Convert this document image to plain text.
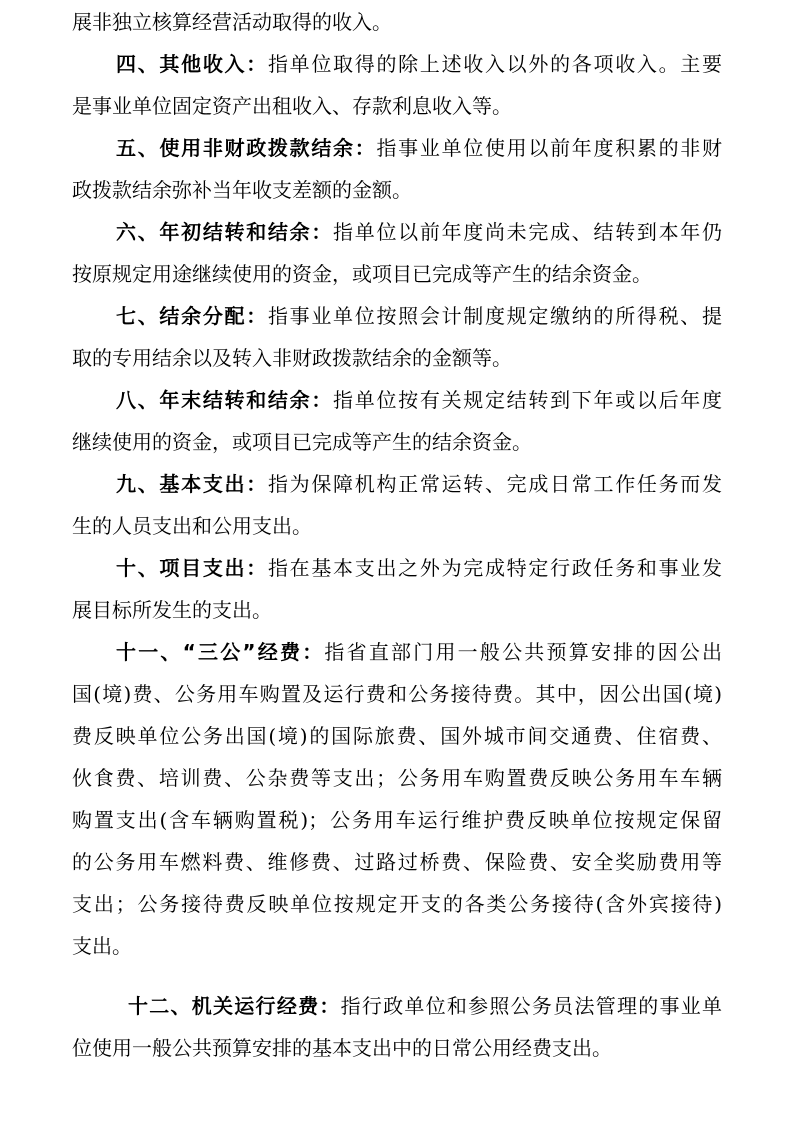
展非独立核算经营活动取得的收入。
四、其他收入：指单位取得的除上述收入以外的各项收入。主要
是事业单位固定资产出租收入、存款利息收入等。
五、使用非财政拨款结余：指事业单位使用以前年度积累的非财
政拨款结余弥补当年收支差额的金额。
六、年初结转和结余：指单位以前年度尚未完成、结转到本年仍
按原规定用途继续使用的资金，或项目已完成等产生的结余资金。
七、结余分配：指事业单位按照会计制度规定缴纳的所得税、提
取的专用结余以及转入非财政拨款结余的金额等。
八、年末结转和结余：指单位按有关规定结转到下年或以后年度
继续使用的资金，或项目已完成等产生的结余资金。
九、基本支出：指为保障机构正常运转、完成日常工作任务而发
生的人员支出和公用支出。
十、项目支出：指在基本支出之外为完成特定行政任务和事业发
展目标所发生的支出。
十一、“三公”经费：指省直部门用一般公共预算安排的因公出
国(境)费、公务用车购置及运行费和公务接待费。其中，因公出国(境)
费反映单位公务出国(境)的国际旅费、国外城市间交通费、住宿费、
伙食费、培训费、公杂费等支出；公务用车购置费反映公务用车车辆
购置支出(含车辆购置税)；公务用车运行维护费反映单位按规定保留
的公务用车燃料费、维修费、过路过桥费、保险费、安全奖励费用等
支出；公务接待费反映单位按规定开支的各类公务接待(含外宾接待)
支出。
十二、机关运行经费：指行政单位和参照公务员法管理的事业单
位使用一般公共预算安排的基本支出中的日常公用经费支出。
